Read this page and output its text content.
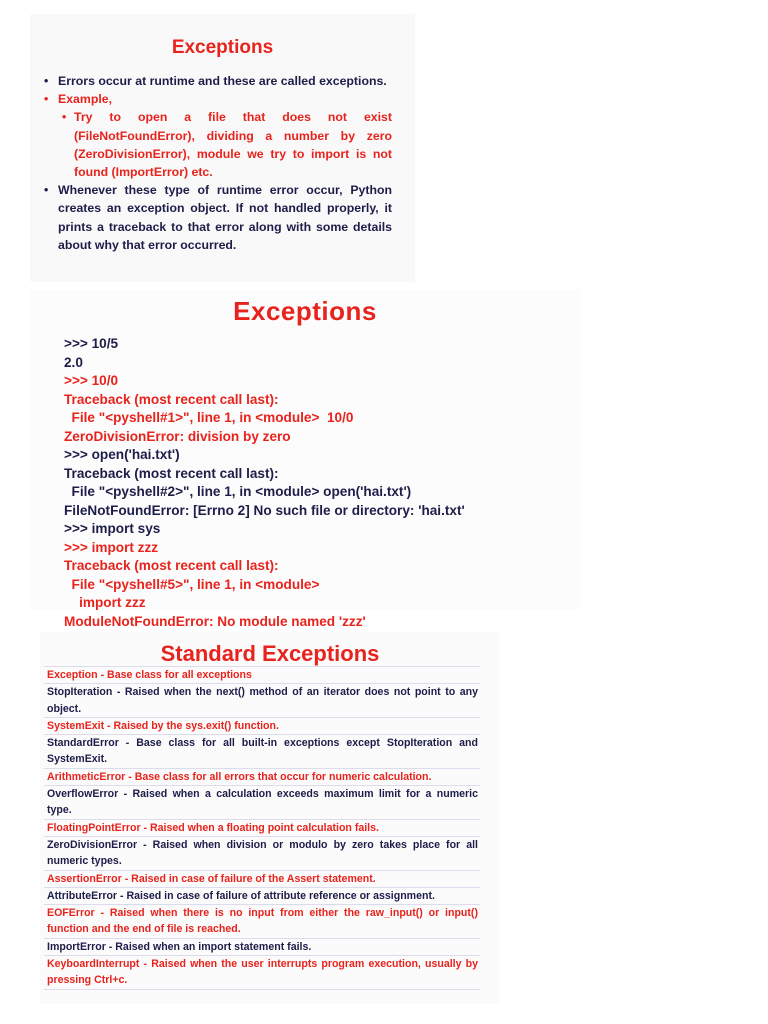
Exceptions
• Errors occur at runtime and these are called exceptions.
• Example,
• Try to open a file that does not exist (FileNotFoundError), dividing a number by zero (ZeroDivisionError), module we try to import is not found (ImportError) etc.
• Whenever these type of runtime error occur, Python creates an exception object. If not handled properly, it prints a traceback to that error along with some details about why that error occurred.
Exceptions
>>> 10/5
2.0
>>> 10/0
Traceback (most recent call last):
File "<pyshell#1>", line 1, in <module>  10/0
ZeroDivisionError: division by zero
>>> open('hai.txt')
Traceback (most recent call last):
File "<pyshell#2>", line 1, in <module> open('hai.txt')
FileNotFoundError: [Errno 2] No such file or directory: 'hai.txt'
>>> import sys
>>> import zzz
Traceback (most recent call last):
File "<pyshell#5>", line 1, in <module>
import zzz
ModuleNotFoundError: No module named 'zzz'
Standard Exceptions
Exception - Base class for all exceptions
StopIteration - Raised when the next() method of an iterator does not point to any object.
SystemExit - Raised by the sys.exit() function.
StandardError - Base class for all built-in exceptions except StopIteration and SystemExit.
ArithmeticError - Base class for all errors that occur for numeric calculation.
OverflowError - Raised when a calculation exceeds maximum limit for a numeric type.
FloatingPointError - Raised when a floating point calculation fails.
ZeroDivisionError - Raised when division or modulo by zero takes place for all numeric types.
AssertionError - Raised in case of failure of the Assert statement.
AttributeError - Raised in case of failure of attribute reference or assignment.
EOFError - Raised when there is no input from either the raw_input() or input() function and the end of file is reached.
ImportError - Raised when an import statement fails.
KeyboardInterrupt - Raised when the user interrupts program execution, usually by pressing Ctrl+c.
